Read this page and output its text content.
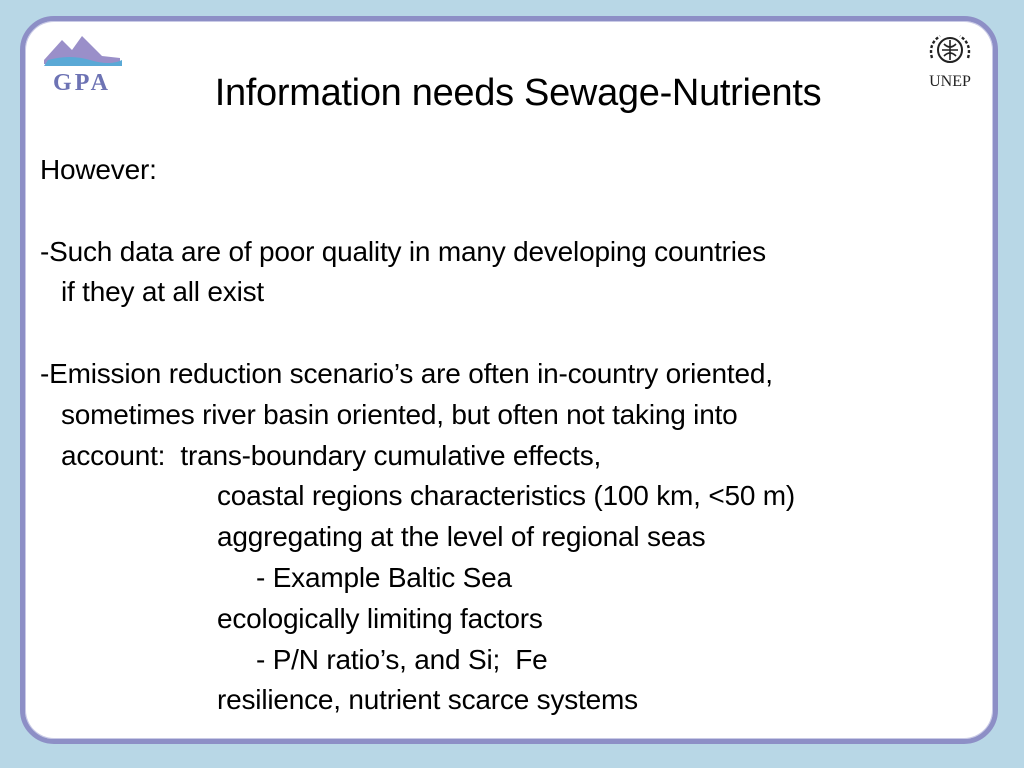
GPA	UNEP
Information needs Sewage-Nutrients
However:
-Such data are of poor quality in many developing countries
if they at all exist
-Emission reduction scenario’s are often in-country oriented,
sometimes river basin oriented, but often not taking into
account:  trans-boundary cumulative effects,
coastal regions characteristics (100 km, <50 m)
aggregating at the level of regional seas
- Example Baltic Sea
ecologically limiting factors
- P/N ratio’s, and Si;  Fe
resilience, nutrient scarce systems
